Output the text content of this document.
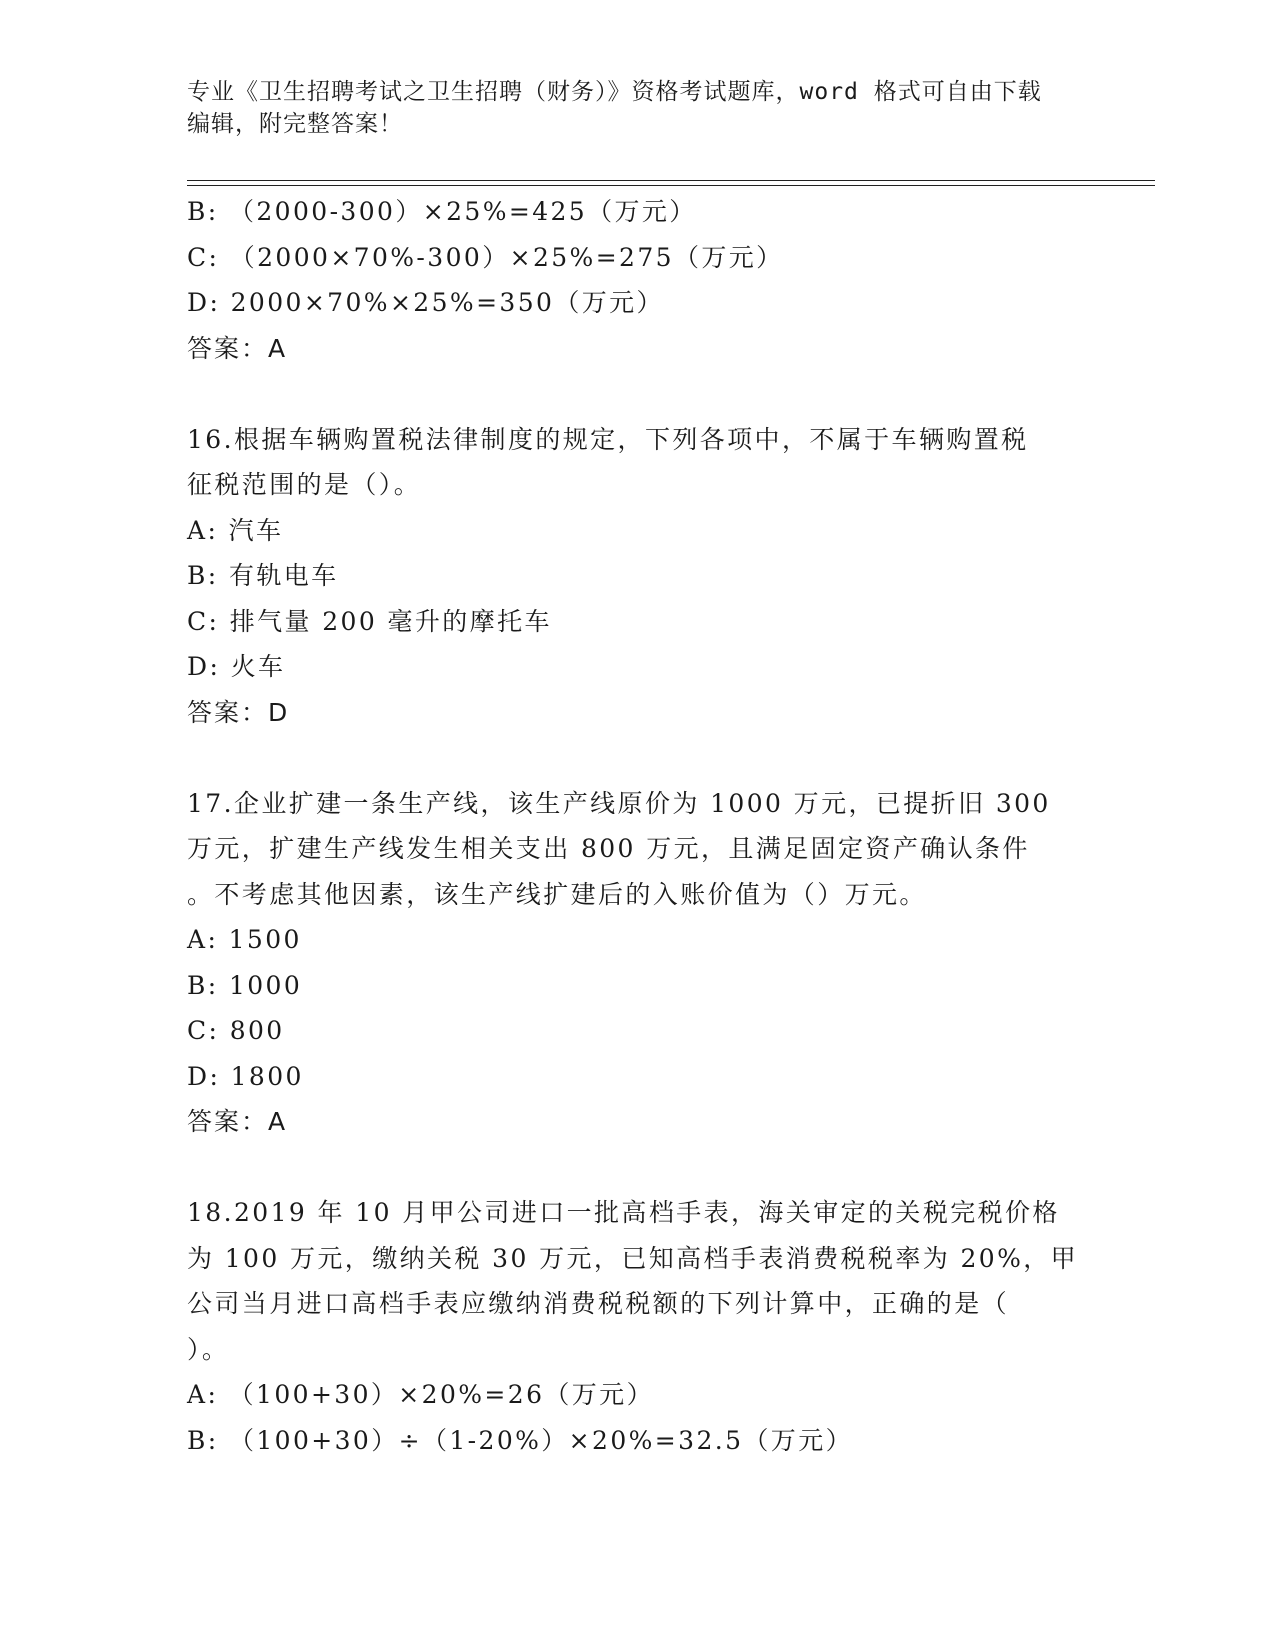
专业《卫生招聘考试之卫生招聘（财务）》资格考试题库，word 格式可自由下载
编辑，附完整答案！
B: （2000-300）×25%=425（万元）
C: （2000×70%-300）×25%=275（万元）
D: 2000×70%×25%=350（万元）
答案：A
16.根据车辆购置税法律制度的规定，下列各项中，不属于车辆购置税
征税范围的是（）。
A: 汽车
B: 有轨电车
C: 排气量 200 毫升的摩托车
D: 火车
答案：D
17.企业扩建一条生产线，该生产线原价为 1000 万元，已提折旧 300
万元，扩建生产线发生相关支出 800 万元，且满足固定资产确认条件
。不考虑其他因素，该生产线扩建后的入账价值为（）万元。
A: 1500
B: 1000
C: 800
D: 1800
答案：A
18.2019 年 10 月甲公司进口一批高档手表，海关审定的关税完税价格
为 100 万元，缴纳关税 30 万元，已知高档手表消费税税率为 20%，甲
公司当月进口高档手表应缴纳消费税税额的下列计算中，正确的是（
）。
A: （100+30）×20%=26（万元）
B: （100+30）÷（1-20%）×20%=32.5（万元）
